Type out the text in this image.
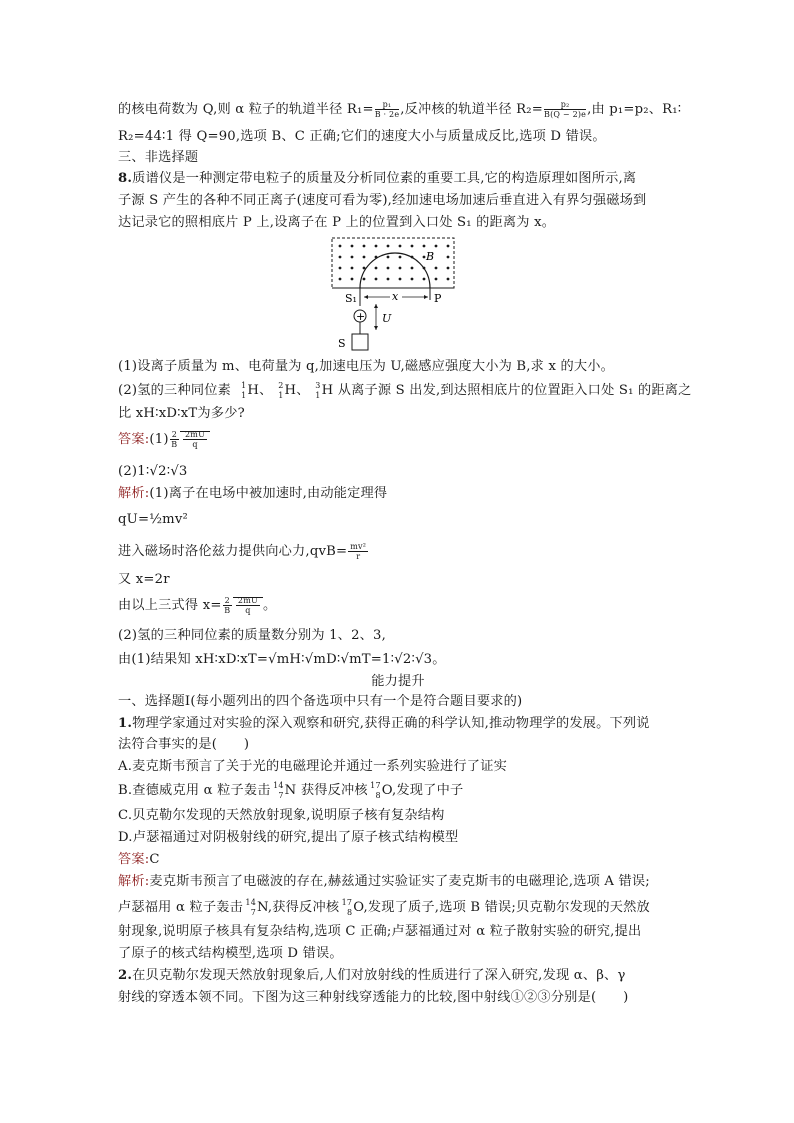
的核电荷数为 Q,则 α 粒子的轨道半径 $R_1= \frac{\text{p₁}}{B \cdot 2e}$ ,反冲核的轨道半径 $R_2= \frac{\text{p₂}}{B(Q - 2)e}$ ,由 p₁=p₂、R₁∶
R₂=44∶1 得 Q=90,选项 B、C 正确;它们的速度大小与质量成反比,选项 D 错误。
三、非选择题
8.质谱仪是一种测定带电粒子的质量及分析同位素的重要工具,它的构造原理如图所示,离
子源 S 产生的各种不同正离子(速度可看为零),经加速电场加速后垂直进入有界匀强磁场到
达记录它的照相底片 P 上,设离子在 P 上的位置到入口处 S₁ 的距离为 x。
B
S₁	x	P
+
S
U
(1)设离子质量为 m、电荷量为 q,加速电压为 U,磁感应强度大小为 B,求 x 的大小。
(2)氢的三种同位素 1
1 H、 2
1 H、 3
1 H 从离子源 S 出发,到达照相底片的位置距入口处 S₁ 的距离之
比 xH∶xD∶xT为多少?
答案:(1) $\frac{2}{B} \frac{2mU}{q}$
(2)1∶√2∶√3
解析:(1)离子在电场中被加速时,由动能定理得
qU=½mv²
进入磁场时洛伦兹力提供向心力$,qvB= \frac{\text{mv²}}{r}$
又 x=2r
由以上三式得 $x= \frac{2}{B} \frac{2mU}{q}$ 。
(2)氢的三种同位素的质量数分别为 1、2、3,
由(1)结果知 xH∶xD∶xT=√mH∶√mD∶√mT=1∶√2∶√3。
能力提升
一、选择题Ⅰ(每小题列出的四个备选项中只有一个是符合题目要求的)
1.物理学家通过对实验的深入观察和研究,获得正确的科学认知,推动物理学的发展。下列说
法符合事实的是(　　)
A.麦克斯韦预言了关于光的电磁理论并通过一系列实验进行了证实
B.查德威克用 α 粒子轰击 14
7 N 获得反冲核 17
8 O,发现了中子
C.贝克勒尔发现的天然放射现象,说明原子核有复杂结构
D.卢瑟福通过对阴极射线的研究,提出了原子核式结构模型
答案:C
解析:麦克斯韦预言了电磁波的存在,赫兹通过实验证实了麦克斯韦的电磁理论,选项 A 错误;
卢瑟福用 α 粒子轰击 14
7 N,获得反冲核 17
8 O,发现了质子,选项 B 错误;贝克勒尔发现的天然放
射现象,说明原子核具有复杂结构,选项 C 正确;卢瑟福通过对 α 粒子散射实验的研究,提出
了原子的核式结构模型,选项 D 错误。
2.在贝克勒尔发现天然放射现象后,人们对放射线的性质进行了深入研究,发现 α、β、γ
射线的穿透本领不同。下图为这三种射线穿透能力的比较,图中射线①②③分别是(　　)
